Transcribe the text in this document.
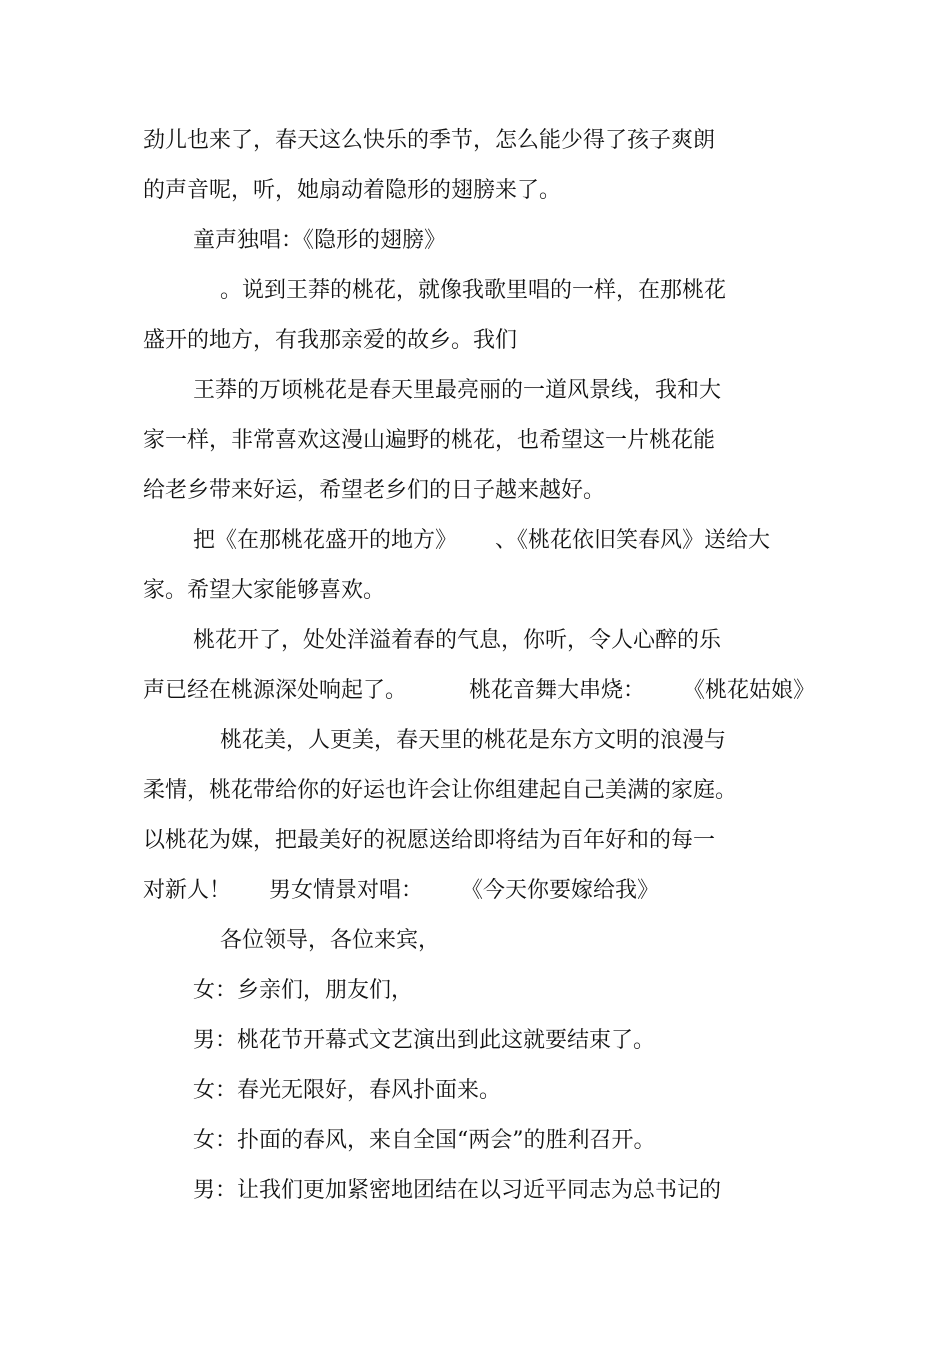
劲儿也来了，春天这么快乐的季节，怎么能少得了孩子爽朗
的声音呢，听，她扇动着隐形的翅膀来了。
童声独唱：《隐形的翅膀》
。说到王莽的桃花，就像我歌里唱的一样，在那桃花
盛开的地方，有我那亲爱的故乡。我们
王莽的万顷桃花是春天里最亮丽的一道风景线，我和大
家一样，非常喜欢这漫山遍野的桃花，也希望这一片桃花能
给老乡带来好运，希望老乡们的日子越来越好。
把《在那桃花盛开的地方》 、《桃花依旧笑春风》送给大
家。希望大家能够喜欢。
桃花开了，处处洋溢着春的气息，你听，令人心醉的乐
声已经在桃源深处响起了。	桃花音舞大串烧： 《桃花姑娘》
桃花美，人更美，春天里的桃花是东方文明的浪漫与
柔情，桃花带给你的好运也许会让你组建起自己美满的家庭。
以桃花为媒，把最美好的祝愿送给即将结为百年好和的每一
对新人！ 男女情景对唱： 《今天你要嫁给我》
各位领导，各位来宾，
女：乡亲们，朋友们，
男：桃花节开幕式文艺演出到此这就要结束了。
女：春光无限好，春风扑面来。
女：扑面的春风，来自全国“两会”的胜利召开。
男：让我们更加紧密地团结在以习近平同志为总书记的
